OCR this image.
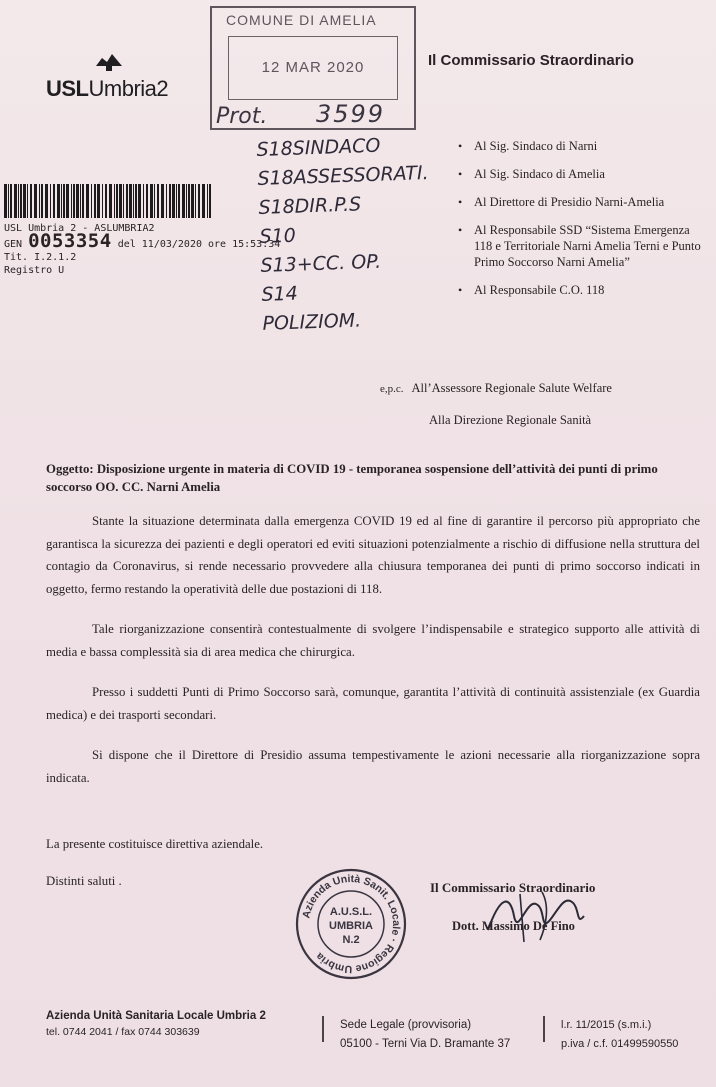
USLUmbria2
COMUNE DI AMELIA
12 MAR 2020
Prot. 3599
Il Commissario Straordinario
USL Umbria 2 - ASLUMBRIA2
GEN 0053354 del 11/03/2020 ore 15:53:34
Tit. I.2.1.2
Registro U
S18SINDACO
S18ASSESSORATI.
S18DIR.P.S
S10
S13+CC. OP.
S14
POLIZIOM.
• Al Sig. Sindaco di Narni
• Al Sig. Sindaco di Amelia
• Al Direttore di Presidio Narni-Amelia
• Al Responsabile SSD “Sistema Emergenza 118 e Territoriale Narni Amelia Terni e Punto Primo Soccorso Narni Amelia”
• Al Responsabile C.O. 118
e,p.c. All’Assessore Regionale Salute Welfare
Alla Direzione Regionale Sanità
Oggetto: Disposizione urgente in materia di COVID 19 - temporanea sospensione dell’attività dei punti di primo soccorso OO. CC. Narni Amelia

Stante la situazione determinata dalla emergenza COVID 19 ed al fine di garantire il percorso più appropriato che garantisca la sicurezza dei pazienti e degli operatori ed eviti situazioni potenzialmente a rischio di diffusione nella struttura del contagio da Coronavirus, si rende necessario provvedere alla chiusura temporanea dei punti di primo soccorso indicati in oggetto, fermo restando la operatività delle due postazioni di 118.

Tale riorganizzazione consentirà contestualmente di svolgere l’indispensabile e strategico supporto alle attività di media e bassa complessità sia di area medica che chirurgica.

Presso i suddetti Punti di Primo Soccorso sarà, comunque, garantita l’attività di continuità assistenziale (ex Guardia medica) e dei trasporti secondari.

Si dispone che il Direttore di Presidio assuma tempestivamente le azioni necessarie alla riorganizzazione sopra indicata.

La presente costituisce direttiva aziendale.
Distinti saluti .
Azienda Unità Sanit. Locale · Regione Umbria
A.U.S.L.
UMBRIA
N.2
Il Commissario Straordinario
Dott. Massimo De Fino
Azienda Unità Sanitaria Locale Umbria 2
tel. 0744 2041 / fax 0744 303639
Sede Legale (provvisoria)
05100 - Terni Via D. Bramante 37
l.r. 11/2015 (s.m.i.)
p.iva / c.f. 01499590550
